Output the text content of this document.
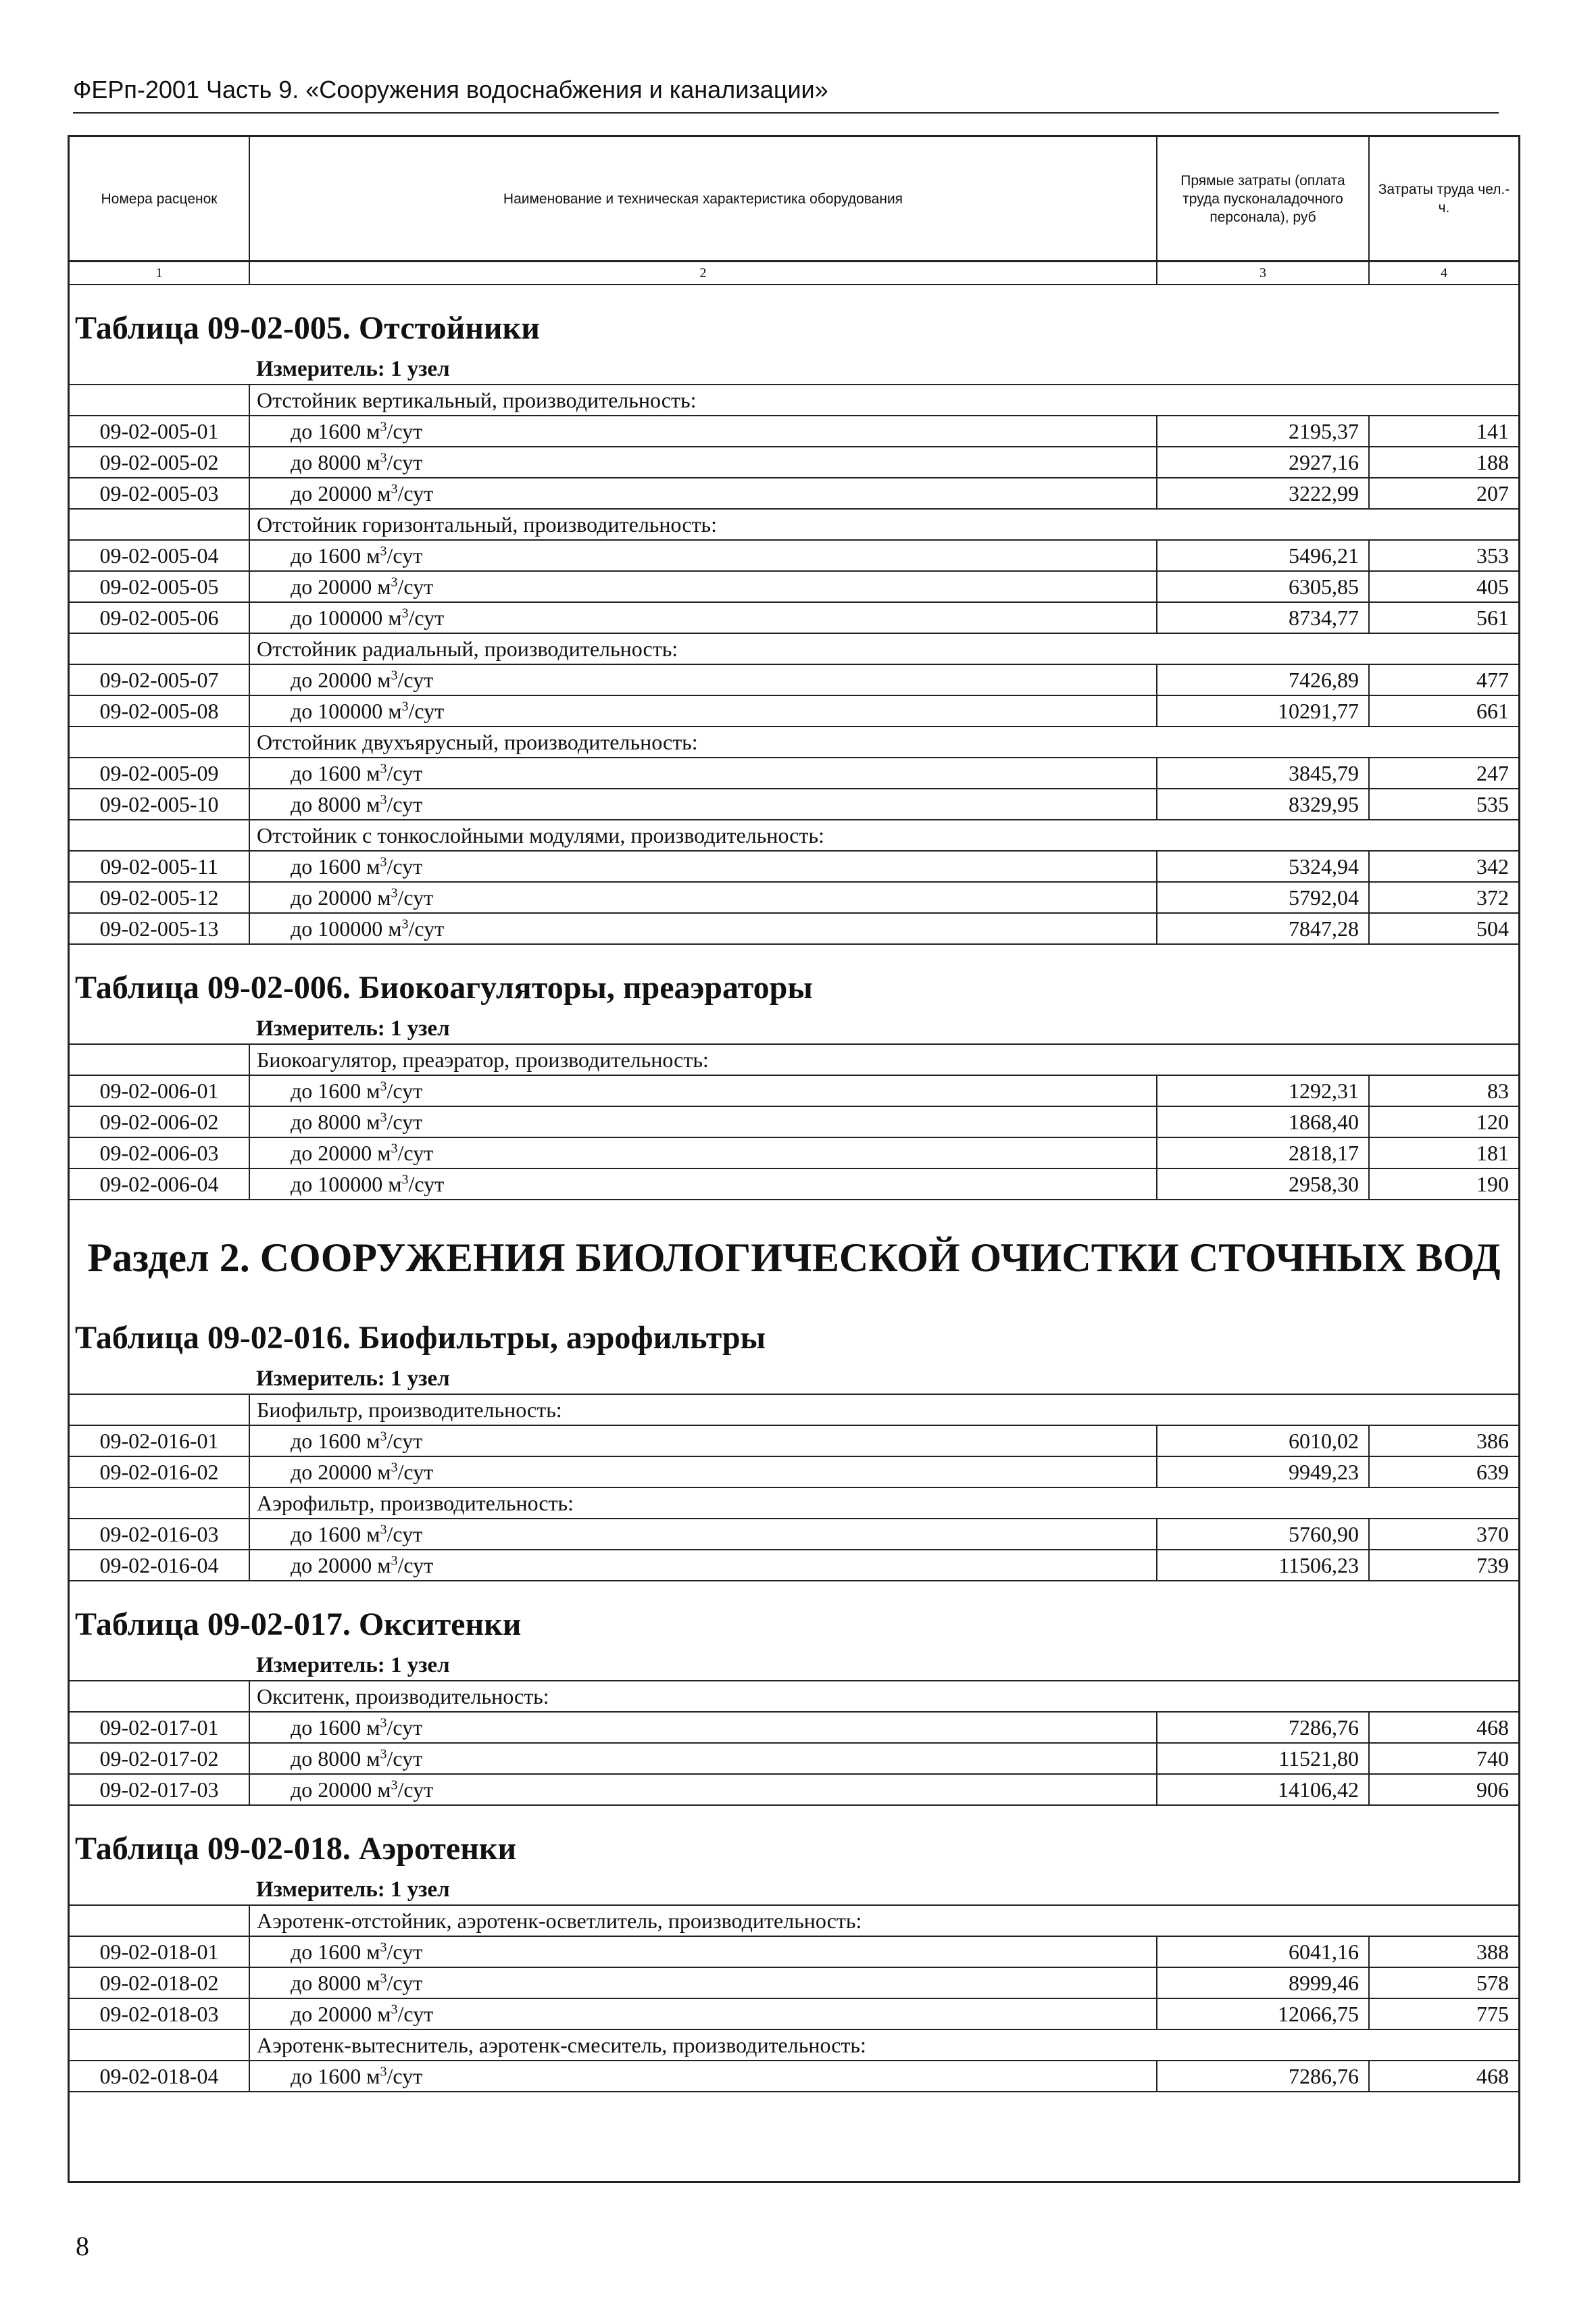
ФЕРп-2001 Часть 9. «Сооружения водоснабжения и канализации»
Номера расценок	Наименование и техническая характеристика оборудования	Прямые затраты (оплата труда пусконаладочного персонала), руб	Затраты труда чел.-ч.
1	2	3	4
Таблица 09-02-005. Отстойники
Измеритель: 1 узел
	Отстойник вертикальный, производительность:		
09-02-005-01	до 1600 $м^3$/сут	2195,37	141
09-02-005-02	до 8000 $м^3$/сут	2927,16	188
09-02-005-03	до 20000 $м^3$/сут	3222,99	207
	Отстойник горизонтальный, производительность:		
09-02-005-04	до 1600 $м^3$/сут	5496,21	353
09-02-005-05	до 20000 $м^3$/сут	6305,85	405
09-02-005-06	до 100000 $м^3$/сут	8734,77	561
	Отстойник радиальный, производительность:		
09-02-005-07	до 20000 $м^3$/сут	7426,89	477
09-02-005-08	до 100000 $м^3$/сут	10291,77	661
	Отстойник двухъярусный, производительность:		
09-02-005-09	до 1600 $м^3$/сут	3845,79	247
09-02-005-10	до 8000 $м^3$/сут	8329,95	535
	Отстойник с тонкослойными модулями, производительность:		
09-02-005-11	до 1600 $м^3$/сут	5324,94	342
09-02-005-12	до 20000 $м^3$/сут	5792,04	372
09-02-005-13	до 100000 $м^3$/сут	7847,28	504
Таблица 09-02-006. Биокоагуляторы, преаэраторы
Измеритель: 1 узел
	Биокоагулятор, преаэратор, производительность:		
09-02-006-01	до 1600 $м^3$/сут	1292,31	83
09-02-006-02	до 8000 $м^3$/сут	1868,40	120
09-02-006-03	до 20000 $м^3$/сут	2818,17	181
09-02-006-04	до 100000 $м^3$/сут	2958,30	190
Раздел 2. СООРУЖЕНИЯ БИОЛОГИЧЕСКОЙ ОЧИСТКИ СТОЧНЫХ ВОД
Таблица 09-02-016. Биофильтры, аэрофильтры
Измеритель: 1 узел
	Биофильтр, производительность:		
09-02-016-01	до 1600 $м^3$/сут	6010,02	386
09-02-016-02	до 20000 $м^3$/сут	9949,23	639
	Аэрофильтр, производительность:		
09-02-016-03	до 1600 $м^3$/сут	5760,90	370
09-02-016-04	до 20000 $м^3$/сут	11506,23	739
Таблица 09-02-017. Окситенки
Измеритель: 1 узел
	Окситенк, производительность:		
09-02-017-01	до 1600 $м^3$/сут	7286,76	468
09-02-017-02	до 8000 $м^3$/сут	11521,80	740
09-02-017-03	до 20000 $м^3$/сут	14106,42	906
Таблица 09-02-018. Аэротенки
Измеритель: 1 узел
	Аэротенк-отстойник, аэротенк-осветлитель, производительность:		
09-02-018-01	до 1600 $м^3$/сут	6041,16	388
09-02-018-02	до 8000 $м^3$/сут	8999,46	578
09-02-018-03	до 20000 $м^3$/сут	12066,75	775
	Аэротенк-вытеснитель, аэротенк-смеситель, производительность:		
09-02-018-04	до 1600 $м^3$/сут	7286,76	468
8
